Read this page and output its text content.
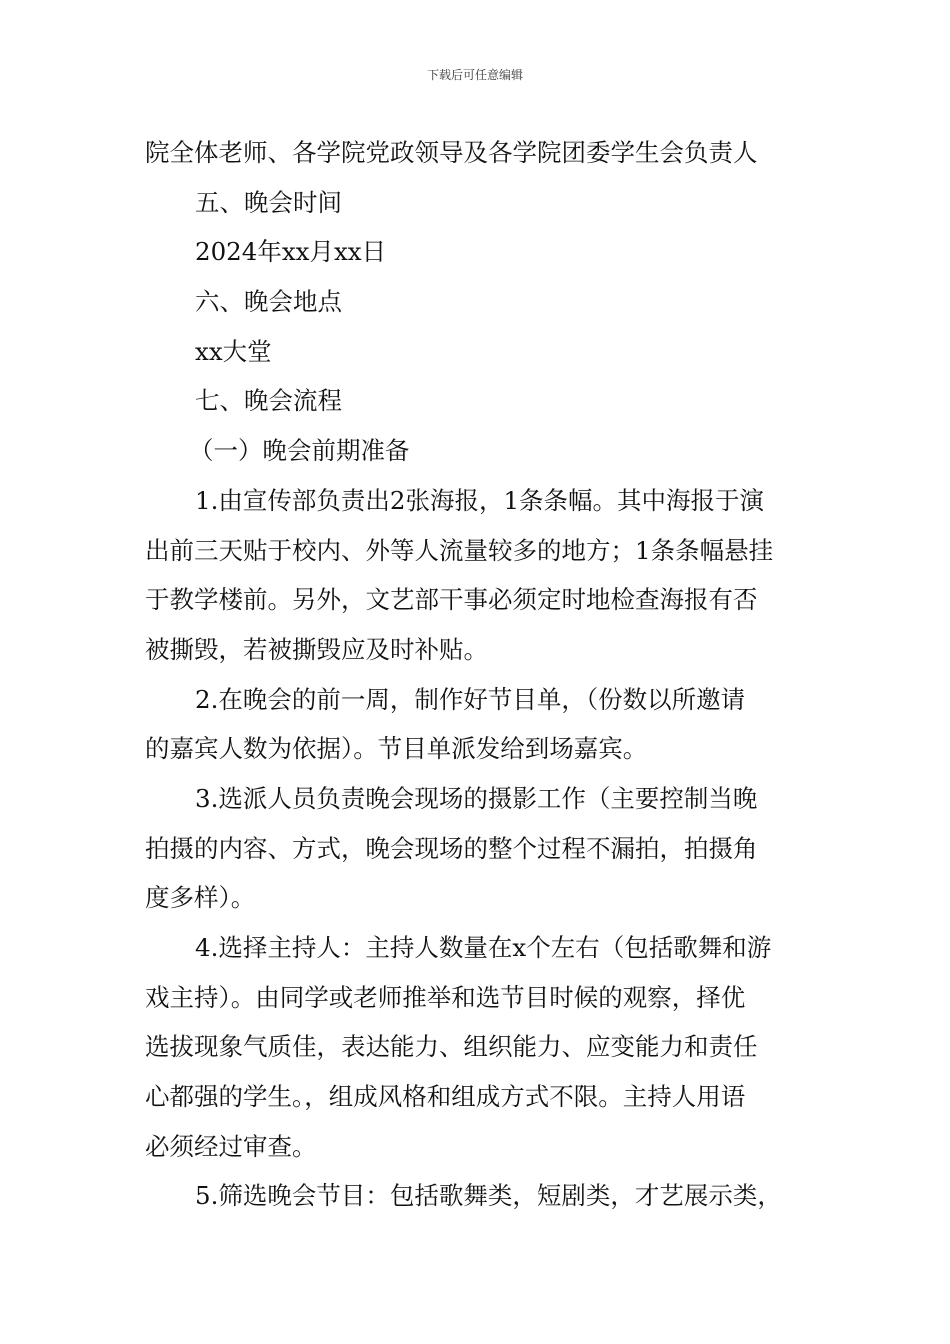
下载后可任意编辑
院全体老师、各学院党政领导及各学院团委学生会负责人
五、晚会时间
2024年xx月xx日
六、晚会地点
xx大堂
七、晚会流程
（一）晚会前期准备
1.由宣传部负责出2张海报，1条条幅。其中海报于演
出前三天贴于校内、外等人流量较多的地方；1条条幅悬挂
于教学楼前。另外，文艺部干事必须定时地检查海报有否
被撕毁，若被撕毁应及时补贴。
2.在晚会的前一周，制作好节目单，（份数以所邀请
的嘉宾人数为依据）。节目单派发给到场嘉宾。
3.选派人员负责晚会现场的摄影工作（主要控制当晚
拍摄的内容、方式，晚会现场的整个过程不漏拍，拍摄角
度多样）。
4.选择主持人：主持人数量在x个左右（包括歌舞和游
戏主持）。由同学或老师推举和选节目时候的观察，择优
选拔现象气质佳，表达能力、组织能力、应变能力和责任
心都强的学生。，组成风格和组成方式不限。主持人用语
必须经过审查。
5.筛选晚会节目：包括歌舞类，短剧类，才艺展示类，
